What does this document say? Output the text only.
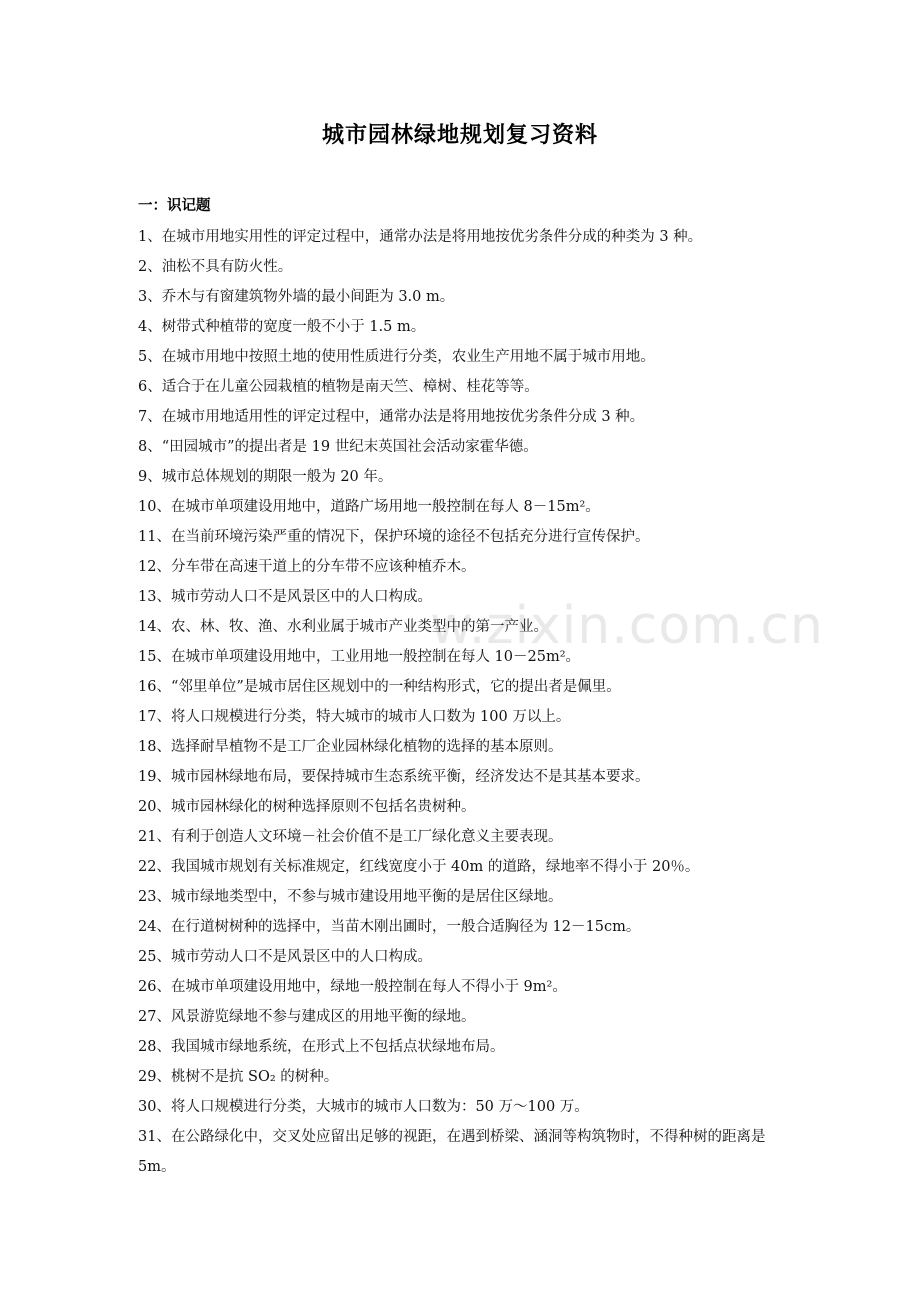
城市园林绿地规划复习资料
一：识记题
1、在城市用地实用性的评定过程中，通常办法是将用地按优劣条件分成的种类为 3 种。
2、油松不具有防火性。
3、乔木与有窗建筑物外墙的最小间距为 3.0 m。
4、树带式种植带的宽度一般不小于 1.5 m。
5、在城市用地中按照土地的使用性质进行分类，农业生产用地不属于城市用地。
6、适合于在儿童公园栽植的植物是南天竺、樟树、桂花等等。
7、在城市用地适用性的评定过程中，通常办法是将用地按优劣条件分成 3 种。
8、“田园城市”的提出者是 19 世纪末英国社会活动家霍华德。
9、城市总体规划的期限一般为 20 年。
10、在城市单项建设用地中，道路广场用地一般控制在每人 8－15m²。
11、在当前环境污染严重的情况下，保护环境的途径不包括充分进行宣传保护。
12、分车带在高速干道上的分车带不应该种植乔木。
13、城市劳动人口不是风景区中的人口构成。
14、农、林、牧、渔、水利业属于城市产业类型中的第一产业。
15、在城市单项建设用地中，工业用地一般控制在每人 10－25m²。
16、“邻里单位”是城市居住区规划中的一种结构形式，它的提出者是佩里。
17、将人口规模进行分类，特大城市的城市人口数为 100 万以上。
18、选择耐旱植物不是工厂企业园林绿化植物的选择的基本原则。
19、城市园林绿地布局，要保持城市生态系统平衡，经济发达不是其基本要求。
20、城市园林绿化的树种选择原则不包括名贵树种。
21、有利于创造人文环境－社会价值不是工厂绿化意义主要表现。
22、我国城市规划有关标准规定，红线宽度小于 40m 的道路，绿地率不得小于 20％。
23、城市绿地类型中，不参与城市建设用地平衡的是居住区绿地。
24、在行道树树种的选择中，当苗木刚出圃时，一般合适胸径为 12－15cm。
25、城市劳动人口不是风景区中的人口构成。
26、在城市单项建设用地中，绿地一般控制在每人不得小于 9m²。
27、风景游览绿地不参与建成区的用地平衡的绿地。
28、我国城市绿地系统，在形式上不包括点状绿地布局。
29、桃树不是抗 SO₂ 的树种。
30、将人口规模进行分类，大城市的城市人口数为：50 万～100 万。
31、在公路绿化中，交叉处应留出足够的视距，在遇到桥梁、涵洞等构筑物时，不得种树的距离是 5m。
w.zixin.com.cn
